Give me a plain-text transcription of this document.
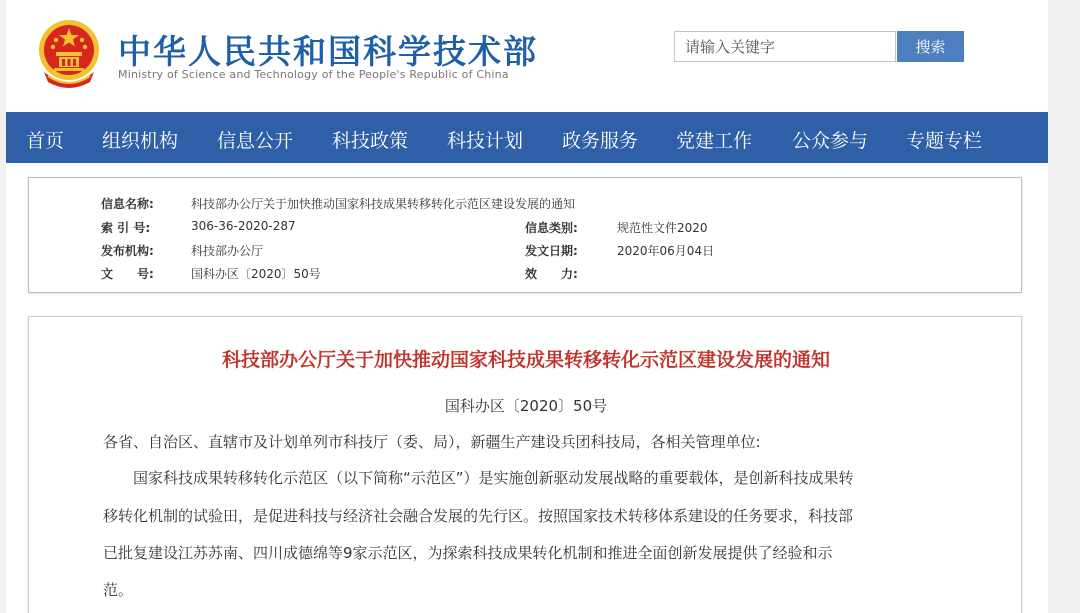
中华人民共和国科学技术部
Ministry of Science and Technology of the People's Republic of China
请输入关键字
搜索
首页 组织机构 信息公开 科技政策 科技计划 政务服务 党建工作 公众参与 专题专栏
信息名称:	科技部办公厅关于加快推动国家科技成果转移转化示范区建设发展的通知
索 引 号:	306-36-2020-287	信息类别:	规范性文件2020
发布机构:	科技部办公厅	发文日期:	2020年06月04日
文　　号:	国科办区〔2020〕50号	效　　力:
科技部办公厅关于加快推动国家科技成果转移转化示范区建设发展的通知
国科办区〔2020〕50号
各省、自治区、直辖市及计划单列市科技厅（委、局），新疆生产建设兵团科技局，各相关管理单位:
国家科技成果转移转化示范区（以下简称“示范区”）是实施创新驱动发展战略的重要载体，是创新科技成果转
移转化机制的试验田，是促进科技与经济社会融合发展的先行区。按照国家技术转移体系建设的任务要求，科技部
已批复建设江苏苏南、四川成德绵等9家示范区，为探索科技成果转化机制和推进全面创新发展提供了经验和示
范。
